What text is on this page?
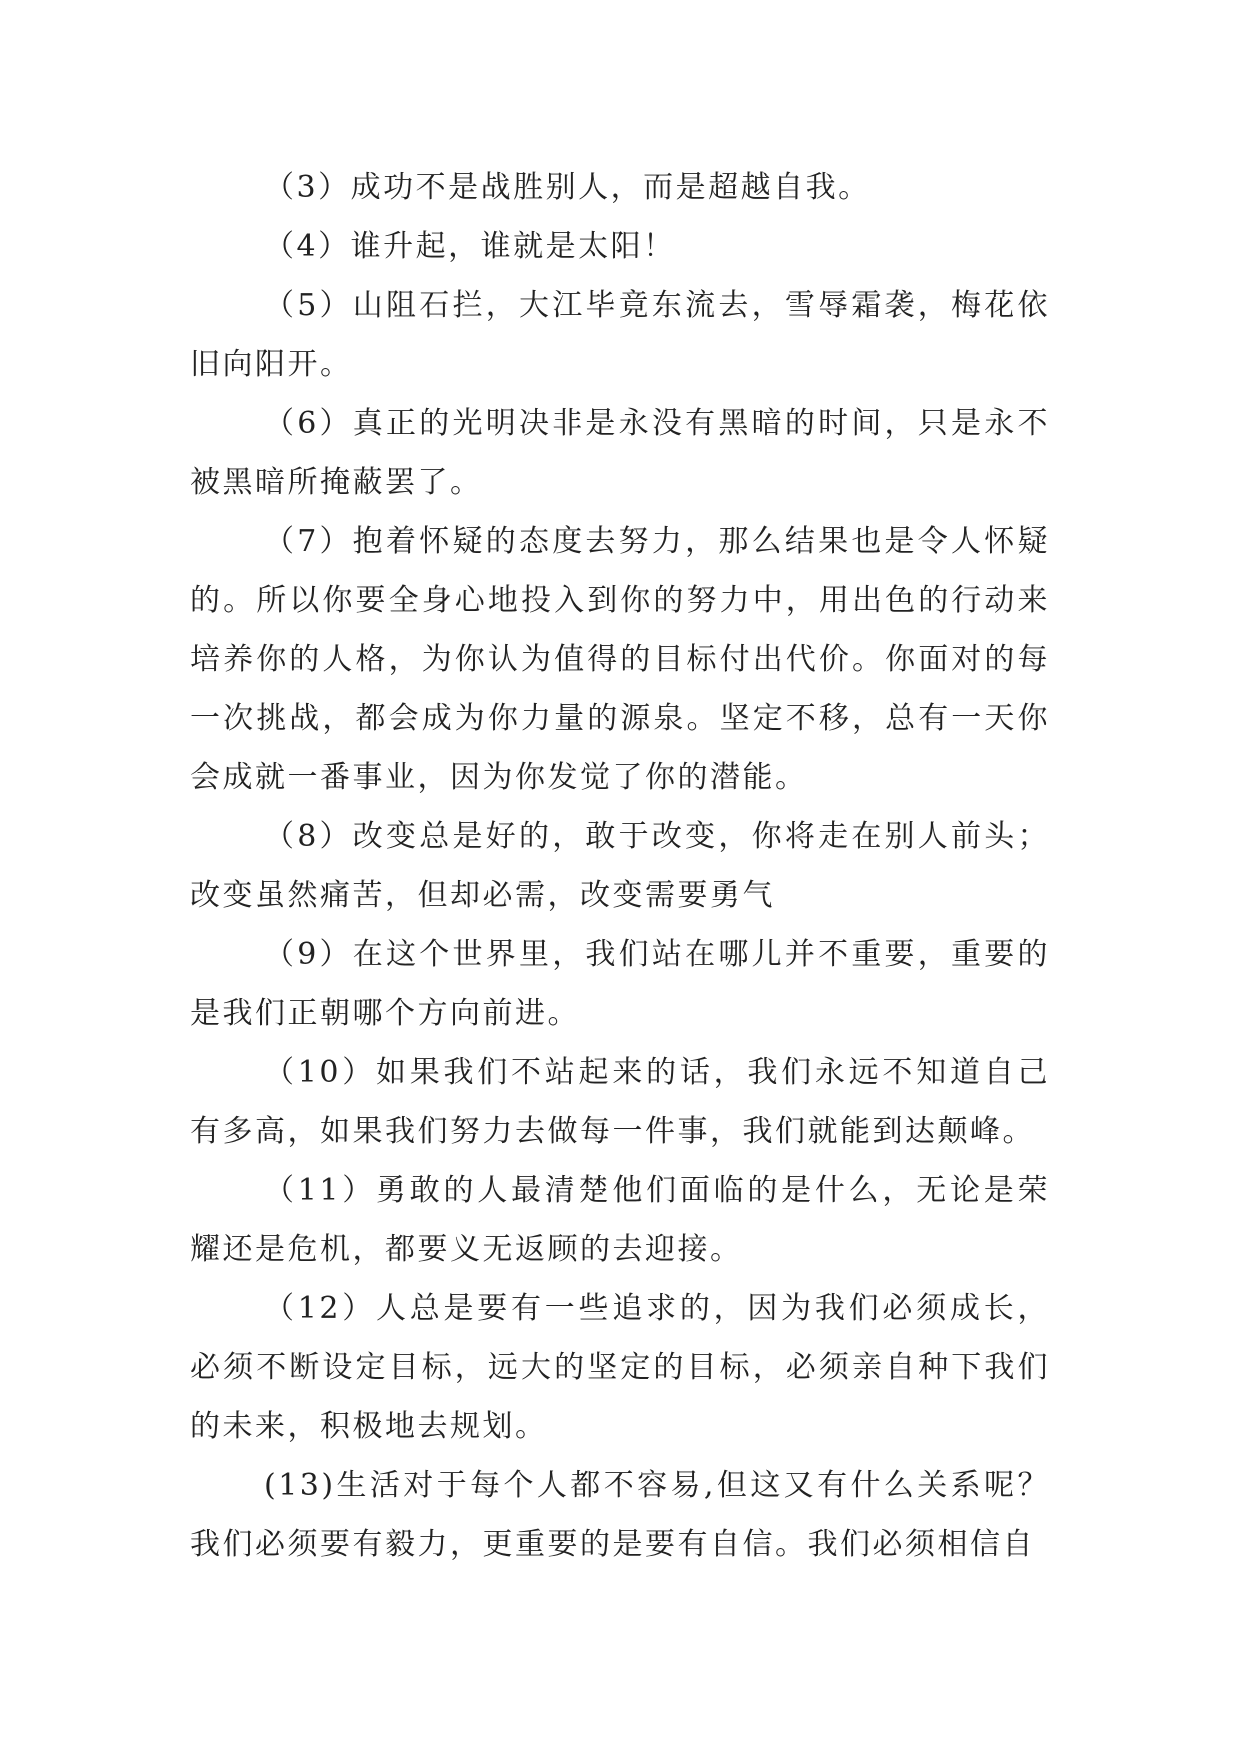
（3）成功不是战胜别人，而是超越自我。

（4）谁升起，谁就是太阳！

（5）山阻石拦，大江毕竟东流去，雪辱霜袭，梅花依旧向阳开。

（6）真正的光明决非是永没有黑暗的时间，只是永不被黑暗所掩蔽罢了。

（7）抱着怀疑的态度去努力，那么结果也是令人怀疑的。所以你要全身心地投入到你的努力中，用出色的行动来培养你的人格，为你认为值得的目标付出代价。你面对的每一次挑战，都会成为你力量的源泉。坚定不移，总有一天你会成就一番事业，因为你发觉了你的潜能。

（8）改变总是好的，敢于改变，你将走在别人前头；改变虽然痛苦，但却必需，改变需要勇气

（9）在这个世界里，我们站在哪儿并不重要，重要的是我们正朝哪个方向前进。

（10）如果我们不站起来的话，我们永远不知道自己有多高，如果我们努力去做每一件事，我们就能到达颠峰。

（11）勇敢的人最清楚他们面临的是什么，无论是荣耀还是危机，都要义无返顾的去迎接。

（12）人总是要有一些追求的，因为我们必须成长，必须不断设定目标，远大的坚定的目标，必须亲自种下我们的未来，积极地去规划。

(13)生活对于每个人都不容易,但这又有什么关系呢？我们必须要有毅力，更重要的是要有自信。我们必须相信自
